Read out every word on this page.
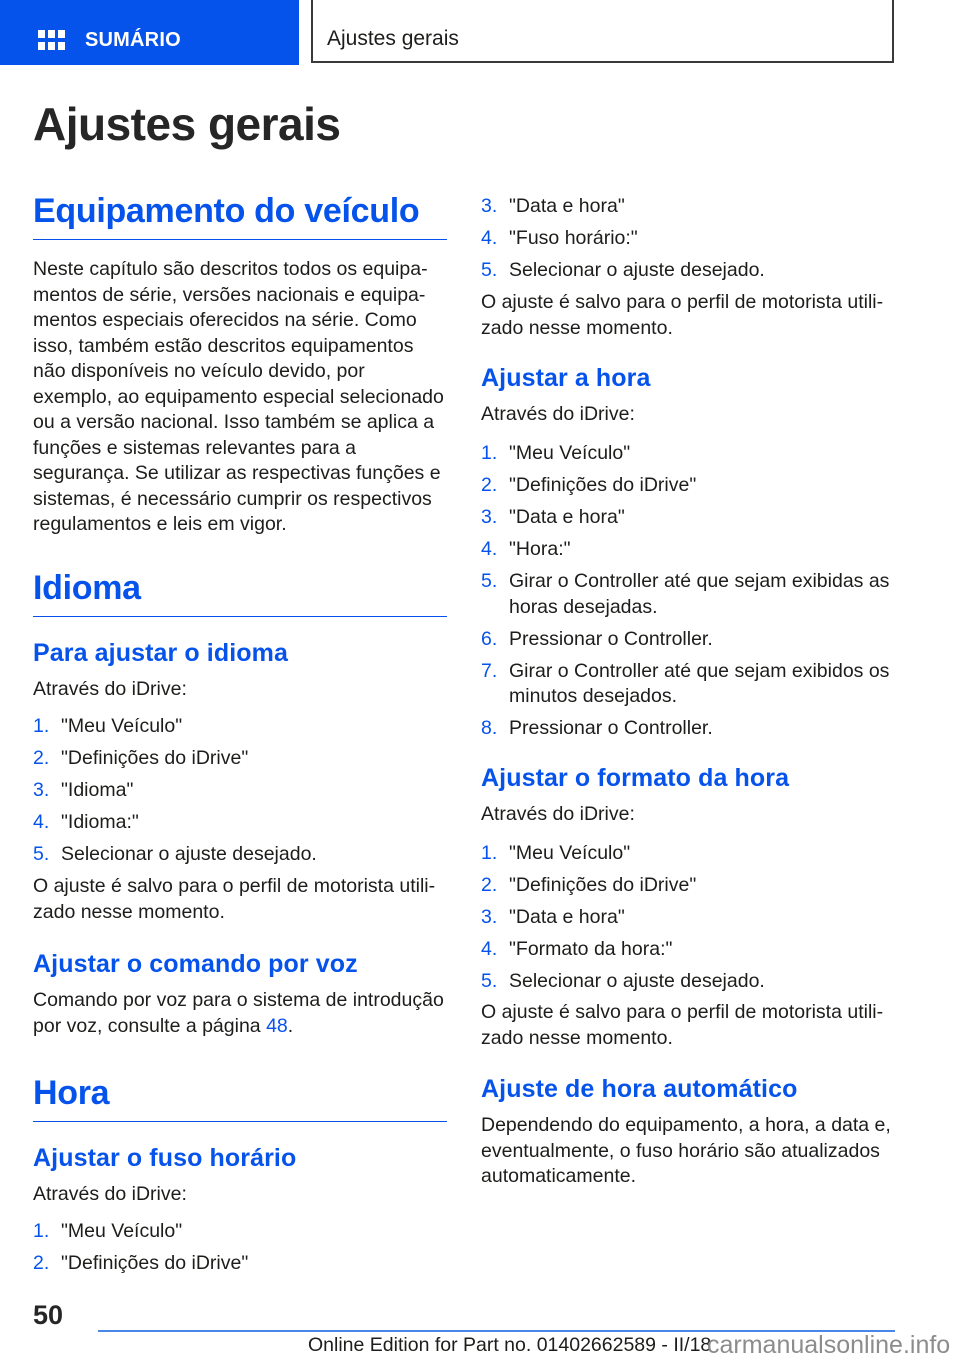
SUMÁRIO	Ajustes gerais
Ajustes gerais
Equipamento do veículo

Neste capítulo são descritos todos os equipamentos de série, versões nacionais e equipamentos especiais oferecidos na série. Como isso, também estão descritos equipamentos não disponíveis no veículo devido, por exemplo, ao equipamento especial selecionado ou a versão nacional. Isso também se aplica a funções e sistemas relevantes para a segurança. Se utilizar as respectivas funções e sistemas, é necessário cumprir os respectivos regulamentos e leis em vigor.

Idioma
Para ajustar o idioma

Através do iDrive:

1. "Meu Veículo"
2. "Definições do iDrive"
3. "Idioma"
4. "Idioma:"
5. Selecionar o ajuste desejado.

O ajuste é salvo para o perfil de motorista utilizado nesse momento.

Ajustar o comando por voz

Comando por voz para o sistema de introdução por voz, consulte a página 48.

Hora
Ajustar o fuso horário

Através do iDrive:

1. "Meu Veículo"
2. "Definições do iDrive"
3. "Data e hora"
4. "Fuso horário:"
5. Selecionar o ajuste desejado.

O ajuste é salvo para o perfil de motorista utilizado nesse momento.

Ajustar a hora

Através do iDrive:

1. "Meu Veículo"
2. "Definições do iDrive"
3. "Data e hora"
4. "Hora:"
5. Girar o Controller até que sejam exibidas as horas desejadas.
6. Pressionar o Controller.
7. Girar o Controller até que sejam exibidos os minutos desejados.
8. Pressionar o Controller.
Ajustar o formato da hora

Através do iDrive:

1. "Meu Veículo"
2. "Definições do iDrive"
3. "Data e hora"
4. "Formato da hora:"
5. Selecionar o ajuste desejado.

O ajuste é salvo para o perfil de motorista utilizado nesse momento.

Ajuste de hora automático

Dependendo do equipamento, a hora, a data e, eventualmente, o fuso horário são atualizados automaticamente.

50
Online Edition for Part no. 01402662589 - II/18
carmanualsonline.info
